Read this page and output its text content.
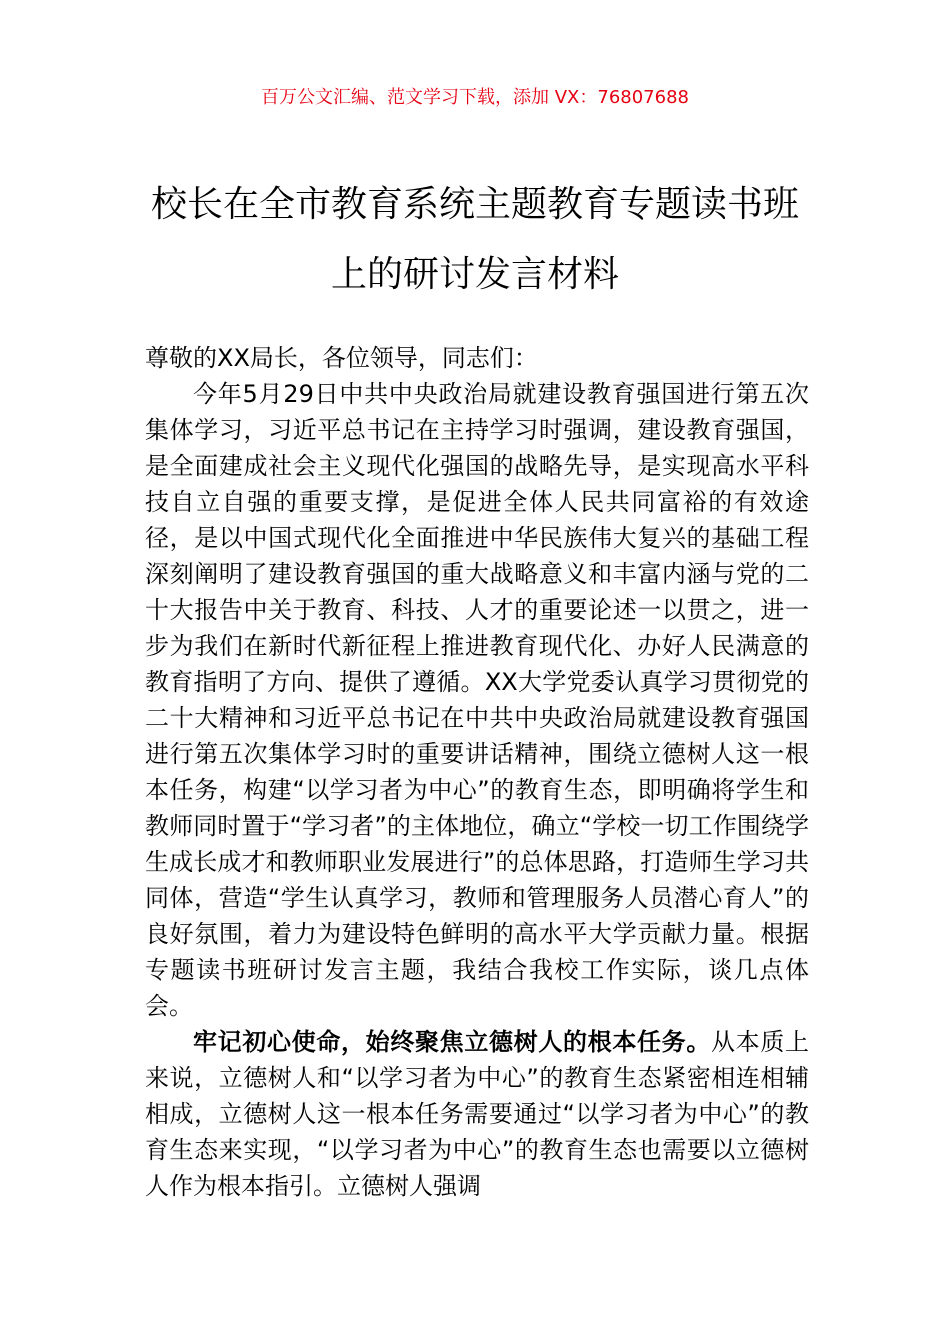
百万公文汇编、范文学习下载，添加 VX：76807688
校长在全市教育系统主题教育专题读书班上的研讨发言材料

尊敬的XX局长，各位领导，同志们：

今年5月29日中共中央政治局就建设教育强国进行第五次集体学习，习近平总书记在主持学习时强调，建设教育强国，是全面建成社会主义现代化强国的战略先导，是实现高水平科技自立自强的重要支撑，是促进全体人民共同富裕的有效途径，是以中国式现代化全面推进中华民族伟大复兴的基础工程深刻阐明了建设教育强国的重大战略意义和丰富内涵与党的二十大报告中关于教育、科技、人才的重要论述一以贯之，进一步为我们在新时代新征程上推进教育现代化、办好人民满意的教育指明了方向、提供了遵循。XX大学党委认真学习贯彻党的二十大精神和习近平总书记在中共中央政治局就建设教育强国进行第五次集体学习时的重要讲话精神，围绕立德树人这一根本任务，构建“以学习者为中心”的教育生态，即明确将学生和教师同时置于“学习者”的主体地位，确立“学校一切工作围绕学生成长成才和教师职业发展进行”的总体思路，打造师生学习共同体，营造“学生认真学习，教师和管理服务人员潜心育人”的良好氛围，着力为建设特色鲜明的高水平大学贡献力量。根据专题读书班研讨发言主题，我结合我校工作实际，谈几点体会。

牢记初心使命，始终聚焦立德树人的根本任务。从本质上来说，立德树人和“以学习者为中心”的教育生态紧密相连相辅相成，立德树人这一根本任务需要通过“以学习者为中心”的教育生态来实现，“以学习者为中心”的教育生态也需要以立德树人作为根本指引。立德树人强调
